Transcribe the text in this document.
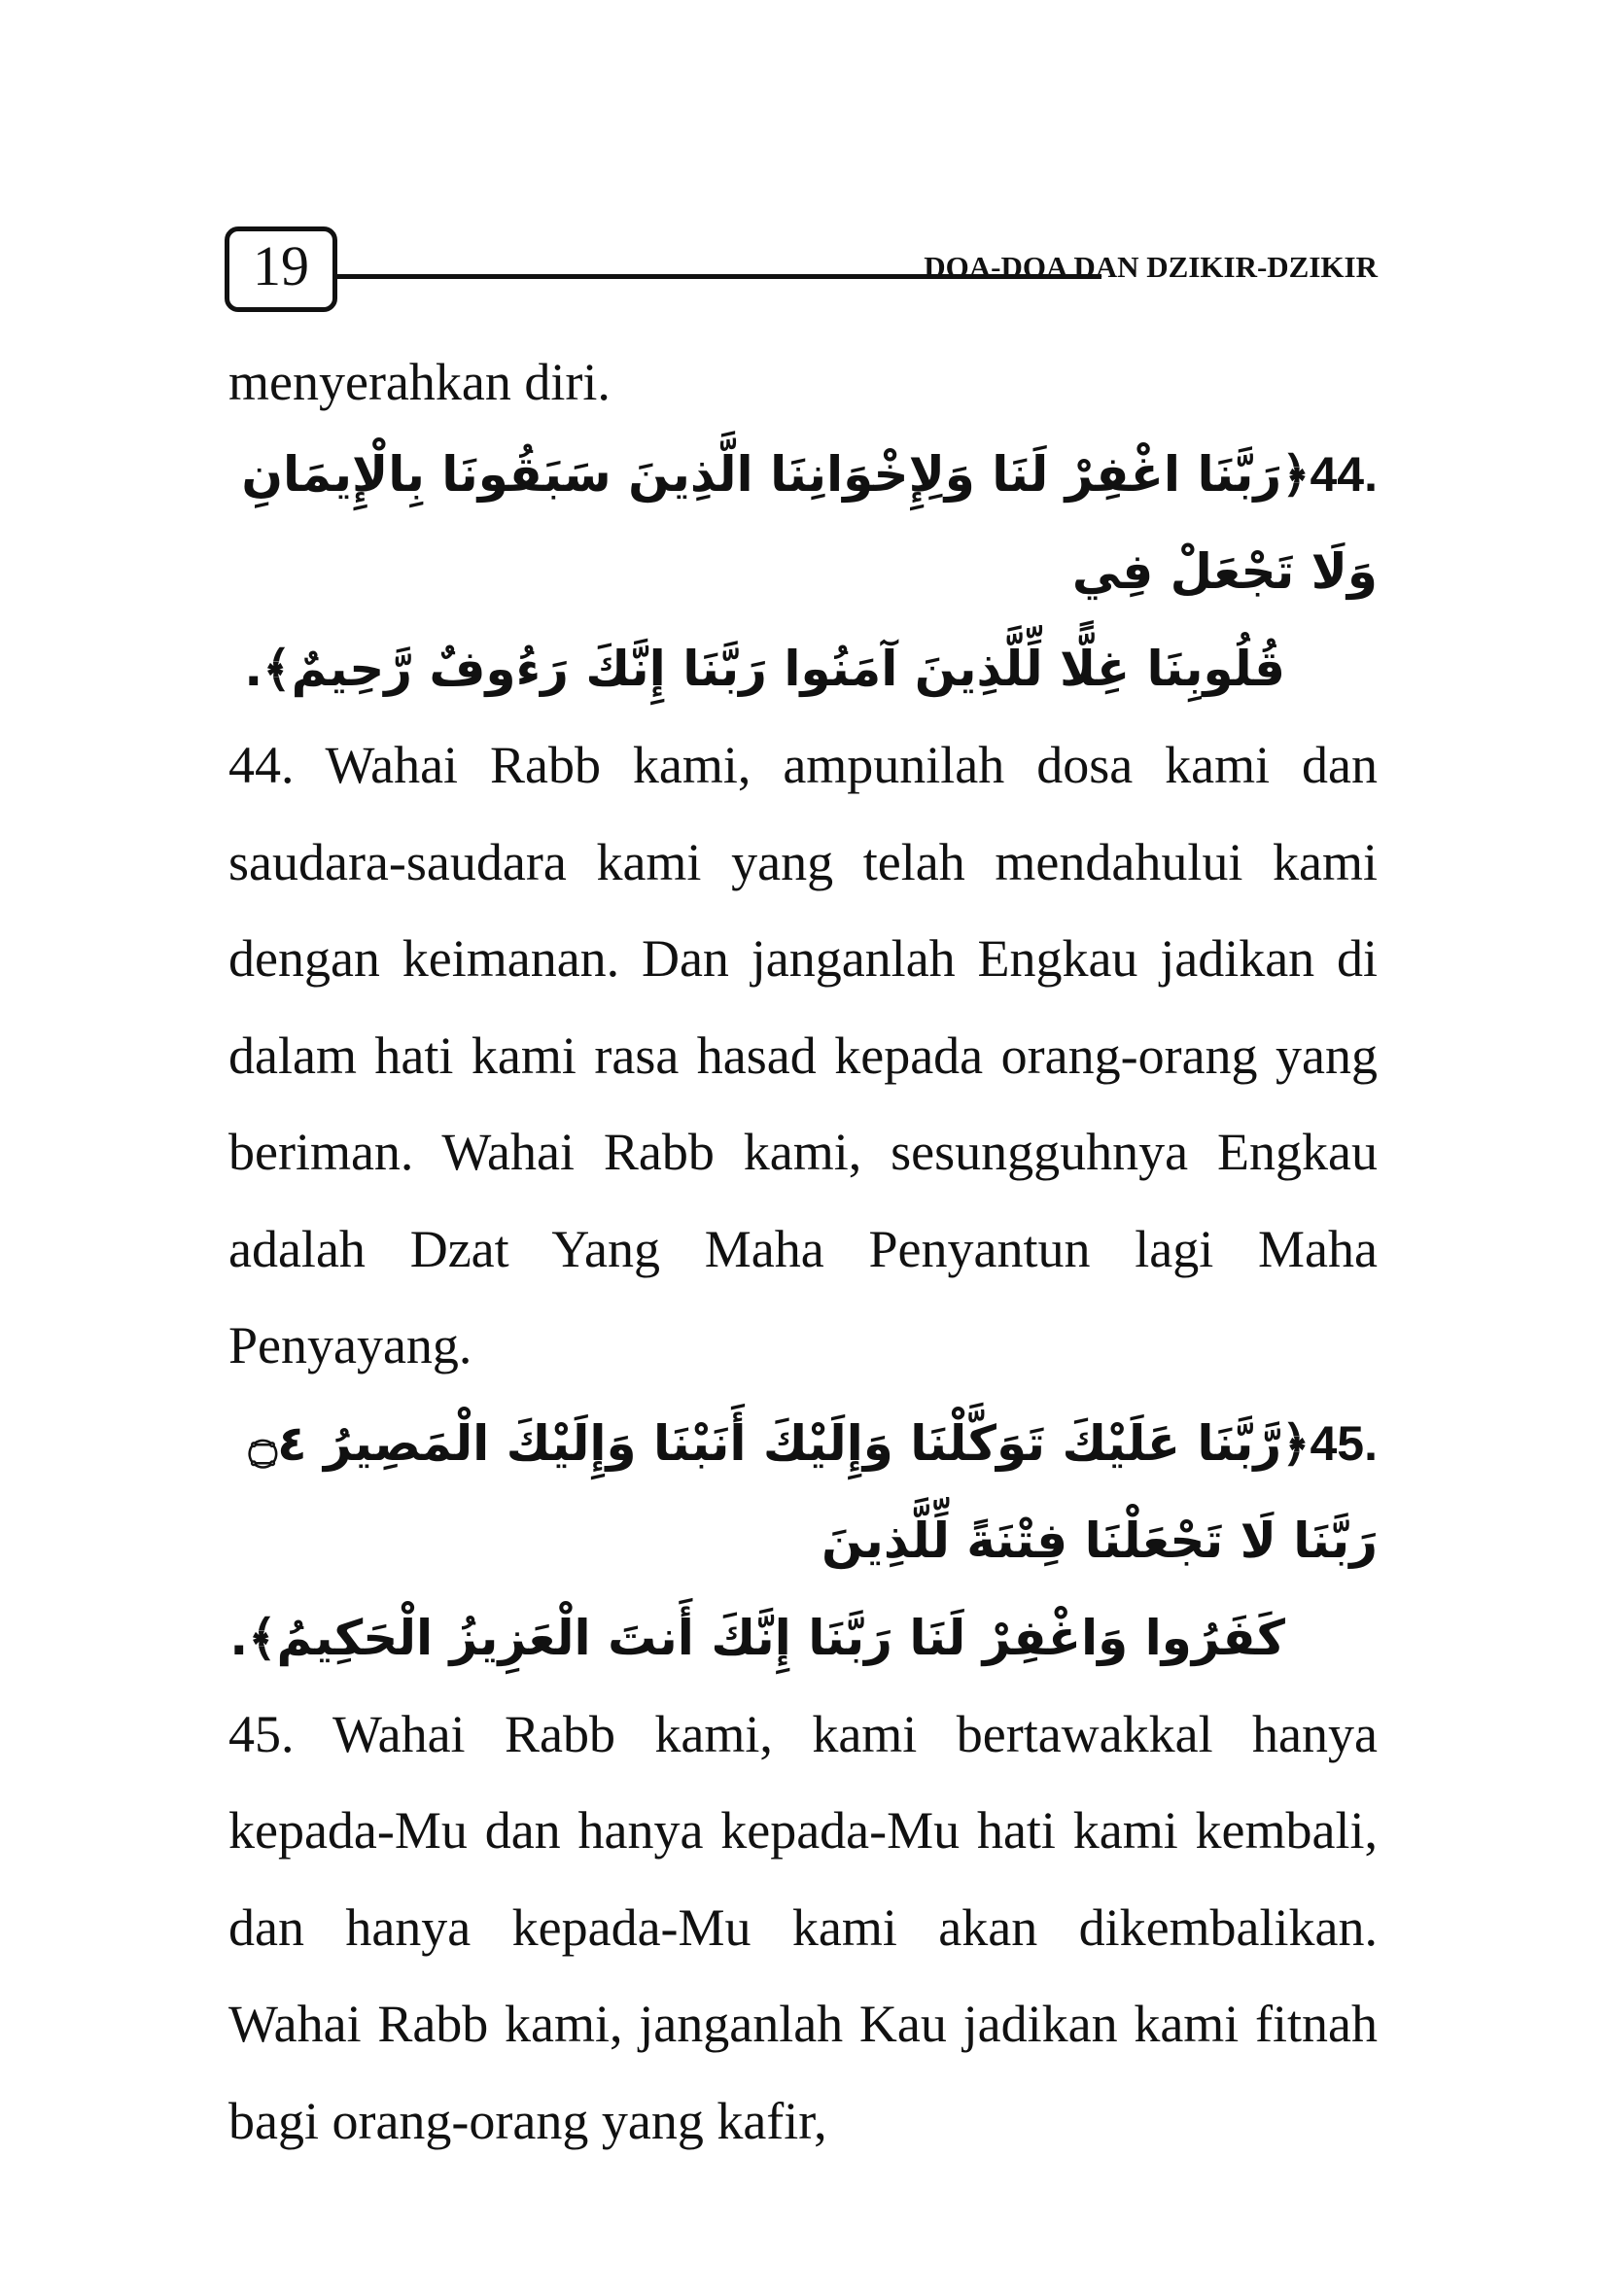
19	DOA-DOA DAN DZIKIR-DZIKIR

menyerahkan diri.

44.﴿رَبَّنَا اغْفِرْ لَنَا وَلِإِخْوَانِنَا الَّذِينَ سَبَقُونَا بِالْإِيمَانِ وَلَا تَجْعَلْ فِي
قُلُوبِنَا غِلًّا لِّلَّذِينَ آمَنُوا رَبَّنَا إِنَّكَ رَءُوفٌ رَّحِيمٌ﴾.

44. Wahai Rabb kami, ampunilah dosa kami dan saudara-saudara kami yang telah mendahului kami dengan keimanan. Dan janganlah Engkau jadikan di dalam hati kami rasa hasad kepada orang-orang yang beriman. Wahai Rabb kami, sesungguhnya Engkau adalah Dzat Yang Maha Penyantun lagi Maha Penyayang.

45.﴿رَّبَّنَا عَلَيْكَ تَوَكَّلْنَا وَإِلَيْكَ أَنَبْنَا وَإِلَيْكَ الْمَصِيرُ ۝٤ رَبَّنَا لَا تَجْعَلْنَا فِتْنَةً لِّلَّذِينَ
كَفَرُوا وَاغْفِرْ لَنَا رَبَّنَا إِنَّكَ أَنتَ الْعَزِيزُ الْحَكِيمُ﴾.

45. Wahai Rabb kami, kami bertawakkal hanya kepada-Mu dan hanya kepada-Mu hati kami kembali, dan hanya kepada-Mu kami akan dikembalikan. Wahai Rabb kami, janganlah Kau jadikan kami fitnah bagi orang-orang yang kafir,
